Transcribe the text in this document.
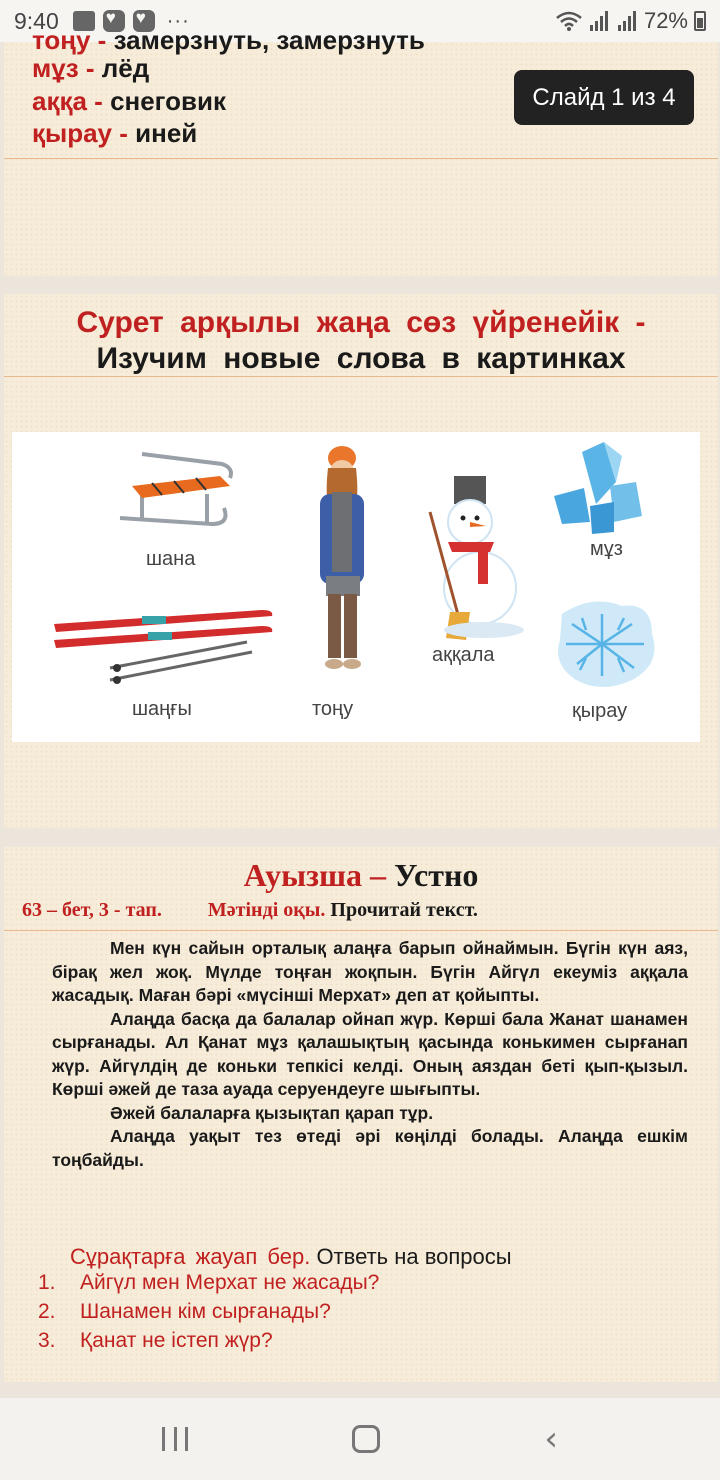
9:40 ♥ ♥	···	72%
тоңу - замерзнуть, замерзнуть
мұз - лёд
аққа - снеговик
қырау - иней
Слайд 1 из 4
Сурет арқылы жаңа сөз үйренейік -
Изучим новые слова в картинках
шана
шаңғы	тоңу
аққала
мұз
қырау
Ауызша – Устно
63 – бет, 3 - тап. Мәтінді оқы. Прочитай текст.

Мен күн сайын орталық алаңға барып ойнаймын. Бүгін күн аяз, бірақ жел жоқ. Мүлде тоңған жоқпын. Бүгін Айгүл екеуміз аққала жасадық. Маған бәрі «мүсінші Мерхат» деп ат қойыпты.

Алаңда басқа да балалар ойнап жүр. Көрші бала Жанат шанамен сырғанады. Ал Қанат мұз қалашықтың қасында конькимен сырғанап жүр. Айгүлдің де коньки тепкісі келді. Оның аяздан беті қып-қызыл. Көрші әжей де таза ауада серуендеуге шығыпты.

Әжей балаларға қызықтап қарап тұр.

Алаңда уақыт тез өтеді әрі көңілді болады. Алаңда ешкім тоңбайды.

Сұрақтарға жауап бер. Ответь на вопросы
1.	Айгүл мен Мерхат не жасады?
2.	Шанамен кім сырғанады?
3.	Қанат не істеп жүр?
‹
